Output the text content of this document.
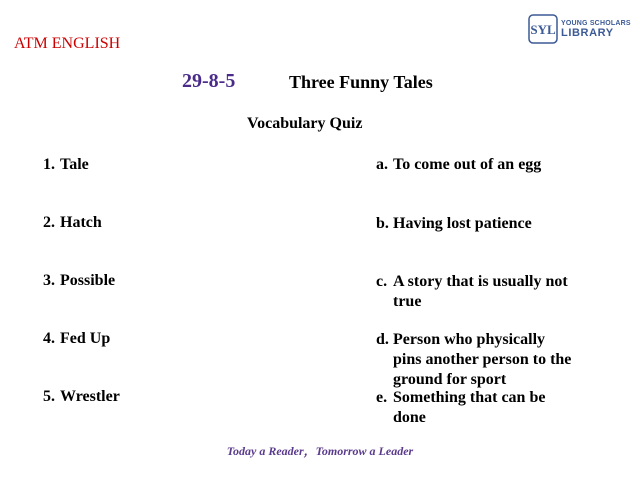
ATM ENGLISH
SYL YOUNG SCHOLARS
LIBRARY
29-8-5	Three Funny Tales
Vocabulary Quiz
1. Tale
2. Hatch
3. Possible
4. Fed Up
5. Wrestler
a. To come out of an egg
b. Having lost patience
c. A story that is usually not true
d. Person who physically pins another person to the ground for sport
e. Something that can be done
Today a Reader，Tomorrow a Leader
